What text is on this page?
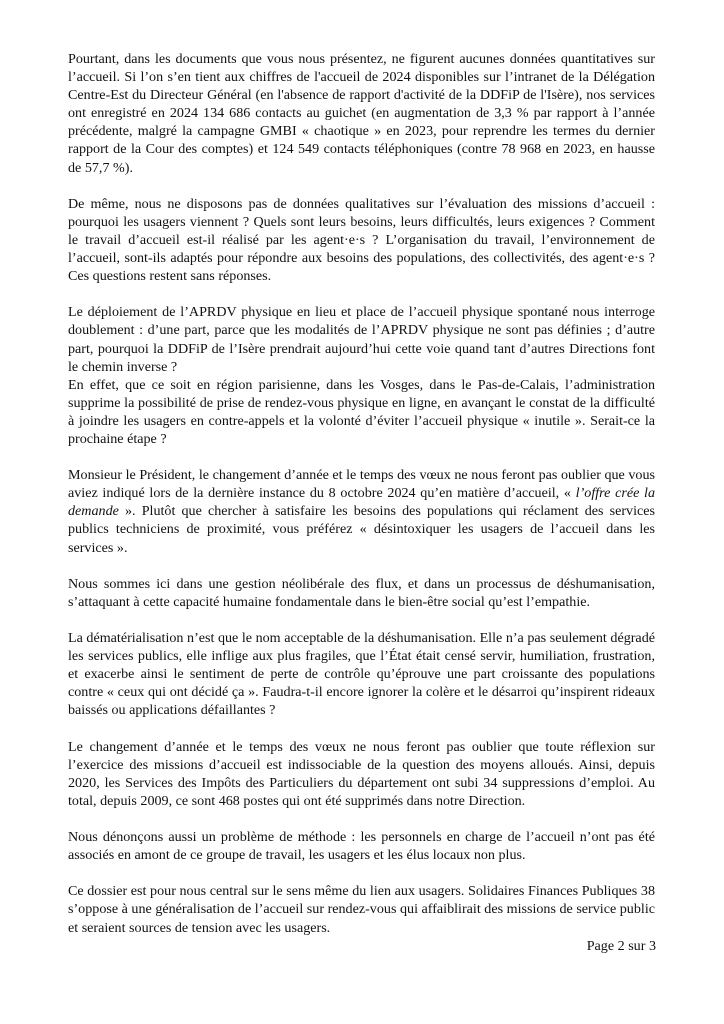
Pourtant, dans les documents que vous nous présentez, ne figurent aucunes données quantitatives sur l’accueil. Si l’on s’en tient aux chiffres de l'accueil de 2024 disponibles sur l’intranet de la Délégation Centre-Est du Directeur Général (en l'absence de rapport d'activité de la DDFiP de l'Isère), nos services ont enregistré en 2024 134 686 contacts au guichet (en augmentation de 3,3 % par rapport à l’année précédente, malgré la campagne GMBI « chaotique » en 2023, pour reprendre les termes du dernier rapport de la Cour des comptes) et 124 549 contacts téléphoniques (contre 78 968 en 2023, en hausse de 57,7 %).

De même, nous ne disposons pas de données qualitatives sur l’évaluation des missions d’accueil : pourquoi les usagers viennent ? Quels sont leurs besoins, leurs difficultés, leurs exigences ? Comment le travail d’accueil est-il réalisé par les agent·e·s ? L’organisation du travail, l’environnement de l’accueil, sont-ils adaptés pour répondre aux besoins des populations, des collectivités, des agent·e·s ? Ces questions restent sans réponses.

Le déploiement de l’APRDV physique en lieu et place de l’accueil physique spontané nous interroge doublement : d’une part, parce que les modalités de l’APRDV physique ne sont pas définies ; d’autre part, pourquoi la DDFiP de l’Isère prendrait aujourd’hui cette voie quand tant d’autres Directions font le chemin inverse ?

En effet, que ce soit en région parisienne, dans les Vosges, dans le Pas-de-Calais, l’administration supprime la possibilité de prise de rendez-vous physique en ligne, en avançant le constat de la difficulté à joindre les usagers en contre-appels et la volonté d’éviter l’accueil physique « inutile ». Serait-ce la prochaine étape ?

Monsieur le Président, le changement d’année et le temps des vœux ne nous feront pas oublier que vous aviez indiqué lors de la dernière instance du 8 octobre 2024 qu’en matière d’accueil, « l’offre crée la demande ». Plutôt que chercher à satisfaire les besoins des populations qui réclament des services publics techniciens de proximité, vous préférez « désintoxiquer les usagers de l’accueil dans les services ».

Nous sommes ici dans une gestion néolibérale des flux, et dans un processus de déshumanisation, s’attaquant à cette capacité humaine fondamentale dans le bien-être social qu’est l’empathie.

La dématérialisation n’est que le nom acceptable de la déshumanisation. Elle n’a pas seulement dégradé les services publics, elle inflige aux plus fragiles, que l’État était censé servir, humiliation, frustration, et exacerbe ainsi le sentiment de perte de contrôle qu’éprouve une part croissante des populations contre « ceux qui ont décidé ça ». Faudra-t-il encore ignorer la colère et le désarroi qu’inspirent rideaux baissés ou applications défaillantes ?

Le changement d’année et le temps des vœux ne nous feront pas oublier que toute réflexion sur l’exercice des missions d’accueil est indissociable de la question des moyens alloués. Ainsi, depuis 2020, les Services des Impôts des Particuliers du département ont subi 34 suppressions d’emploi. Au total, depuis 2009, ce sont 468 postes qui ont été supprimés dans notre Direction.

Nous dénonçons aussi un problème de méthode : les personnels en charge de l’accueil n’ont pas été associés en amont de ce groupe de travail, les usagers et les élus locaux non plus.

Ce dossier est pour nous central sur le sens même du lien aux usagers. Solidaires Finances Publiques 38 s’oppose à une généralisation de l’accueil sur rendez-vous qui affaiblirait des missions de service public et seraient sources de tension avec les usagers.

Page 2 sur 3
